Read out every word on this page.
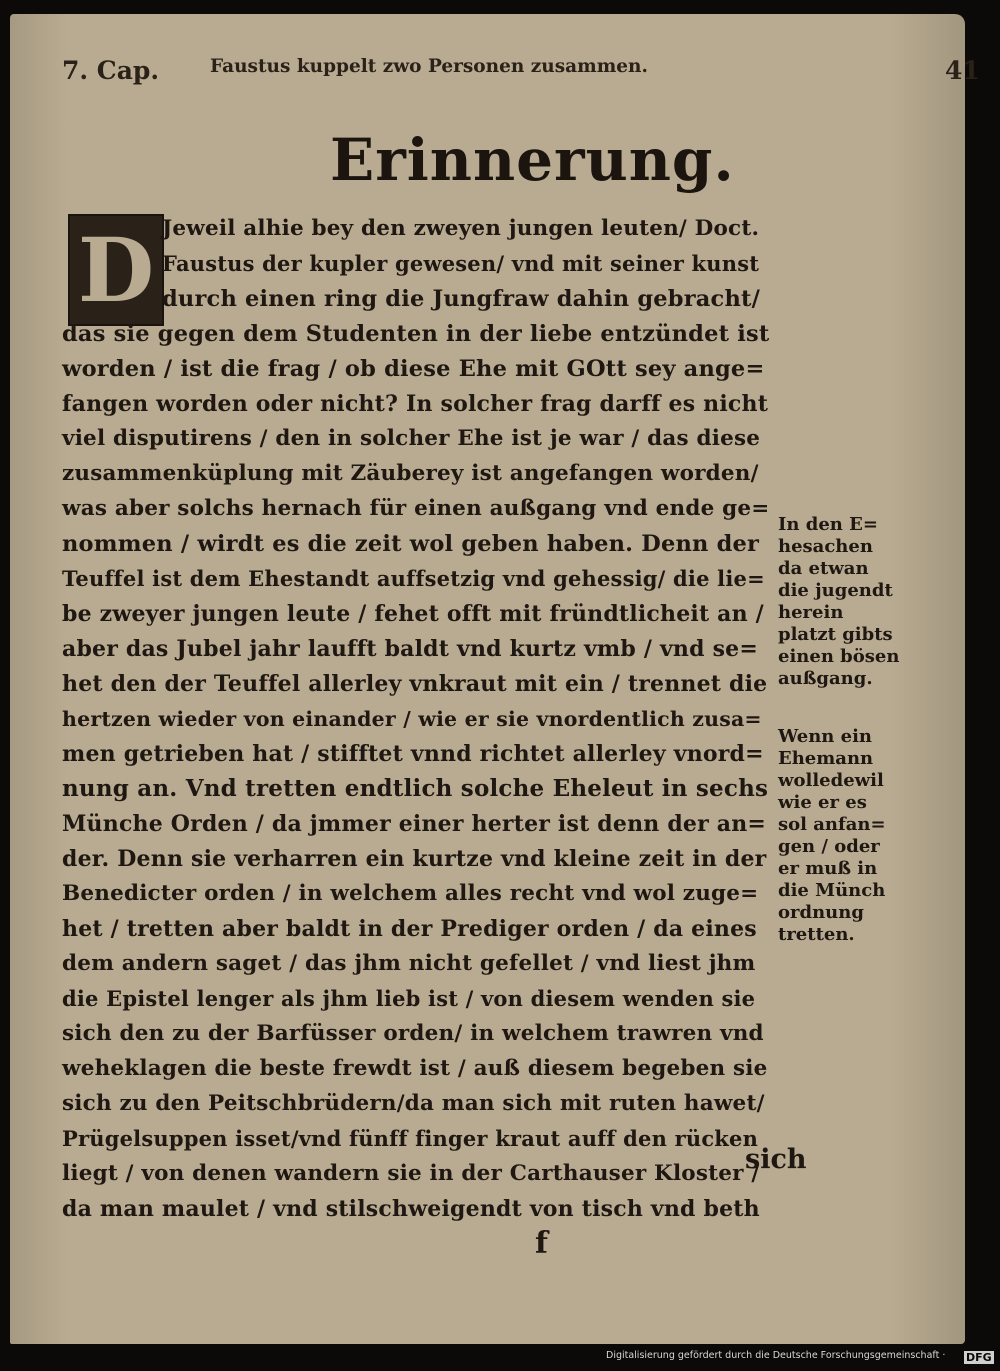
7. Cap.	Faustus kuppelt zwo Personen zusammen.	41
Erinnerung.
D Jeweil alhie bey den zweyen jungen leuten/ Doct.
Faustus der kupler gewesen/ vnd mit seiner kunst
durch einen ring die Jungfraw dahin gebracht/
das sie gegen dem Studenten in der liebe entzündet ist
worden / ist die frag / ob diese Ehe mit GOtt sey ange=
fangen worden oder nicht? In solcher frag darff es nicht
viel disputirens / den in solcher Ehe ist je war / das diese
zusammenküplung mit Zäuberey ist angefangen worden/
was aber solchs hernach für einen außgang vnd ende ge=
nommen / wirdt es die zeit wol geben haben. Denn der
Teuffel ist dem Ehestandt auffsetzig vnd gehessig/ die lie=
be zweyer jungen leute / fehet offt mit fründtlicheit an /
aber das Jubel jahr laufft baldt vnd kurtz vmb / vnd se=
het den der Teuffel allerley vnkraut mit ein / trennet die
hertzen wieder von einander / wie er sie vnordentlich zusa=
men getrieben hat / stifftet vnnd richtet allerley vnord=
nung an. Vnd tretten endtlich solche Eheleut in sechs
Münche Orden / da jmmer einer herter ist denn der an=
der. Denn sie verharren ein kurtze vnd kleine zeit in der
Benedicter orden / in welchem alles recht vnd wol zuge=
het / tretten aber baldt in der Prediger orden / da eines
dem andern saget / das jhm nicht gefellet / vnd liest jhm
die Epistel lenger als jhm lieb ist / von diesem wenden sie
sich den zu der Barfüsser orden/ in welchem trawren vnd
weheklagen die beste frewdt ist / auß diesem begeben sie
sich zu den Peitschbrüdern/da man sich mit ruten hawet/
Prügelsuppen isset/vnd fünff finger kraut auff den rücken
liegt / von denen wandern sie in der Carthauser Kloster /
da man maulet / vnd stilschweigendt von tisch vnd beth
In den E=
hesachen
da etwan
die jugendt
herein
platzt gibts
einen bösen
außgang.
Wenn ein
Ehemann
wolledewil
wie er es
sol anfan=
gen / oder
er muß in
die Münch
ordnung
tretten.
f
sich
Digitalisierung gefördert durch die Deutsche Forschungsgemeinschaft · DFG
